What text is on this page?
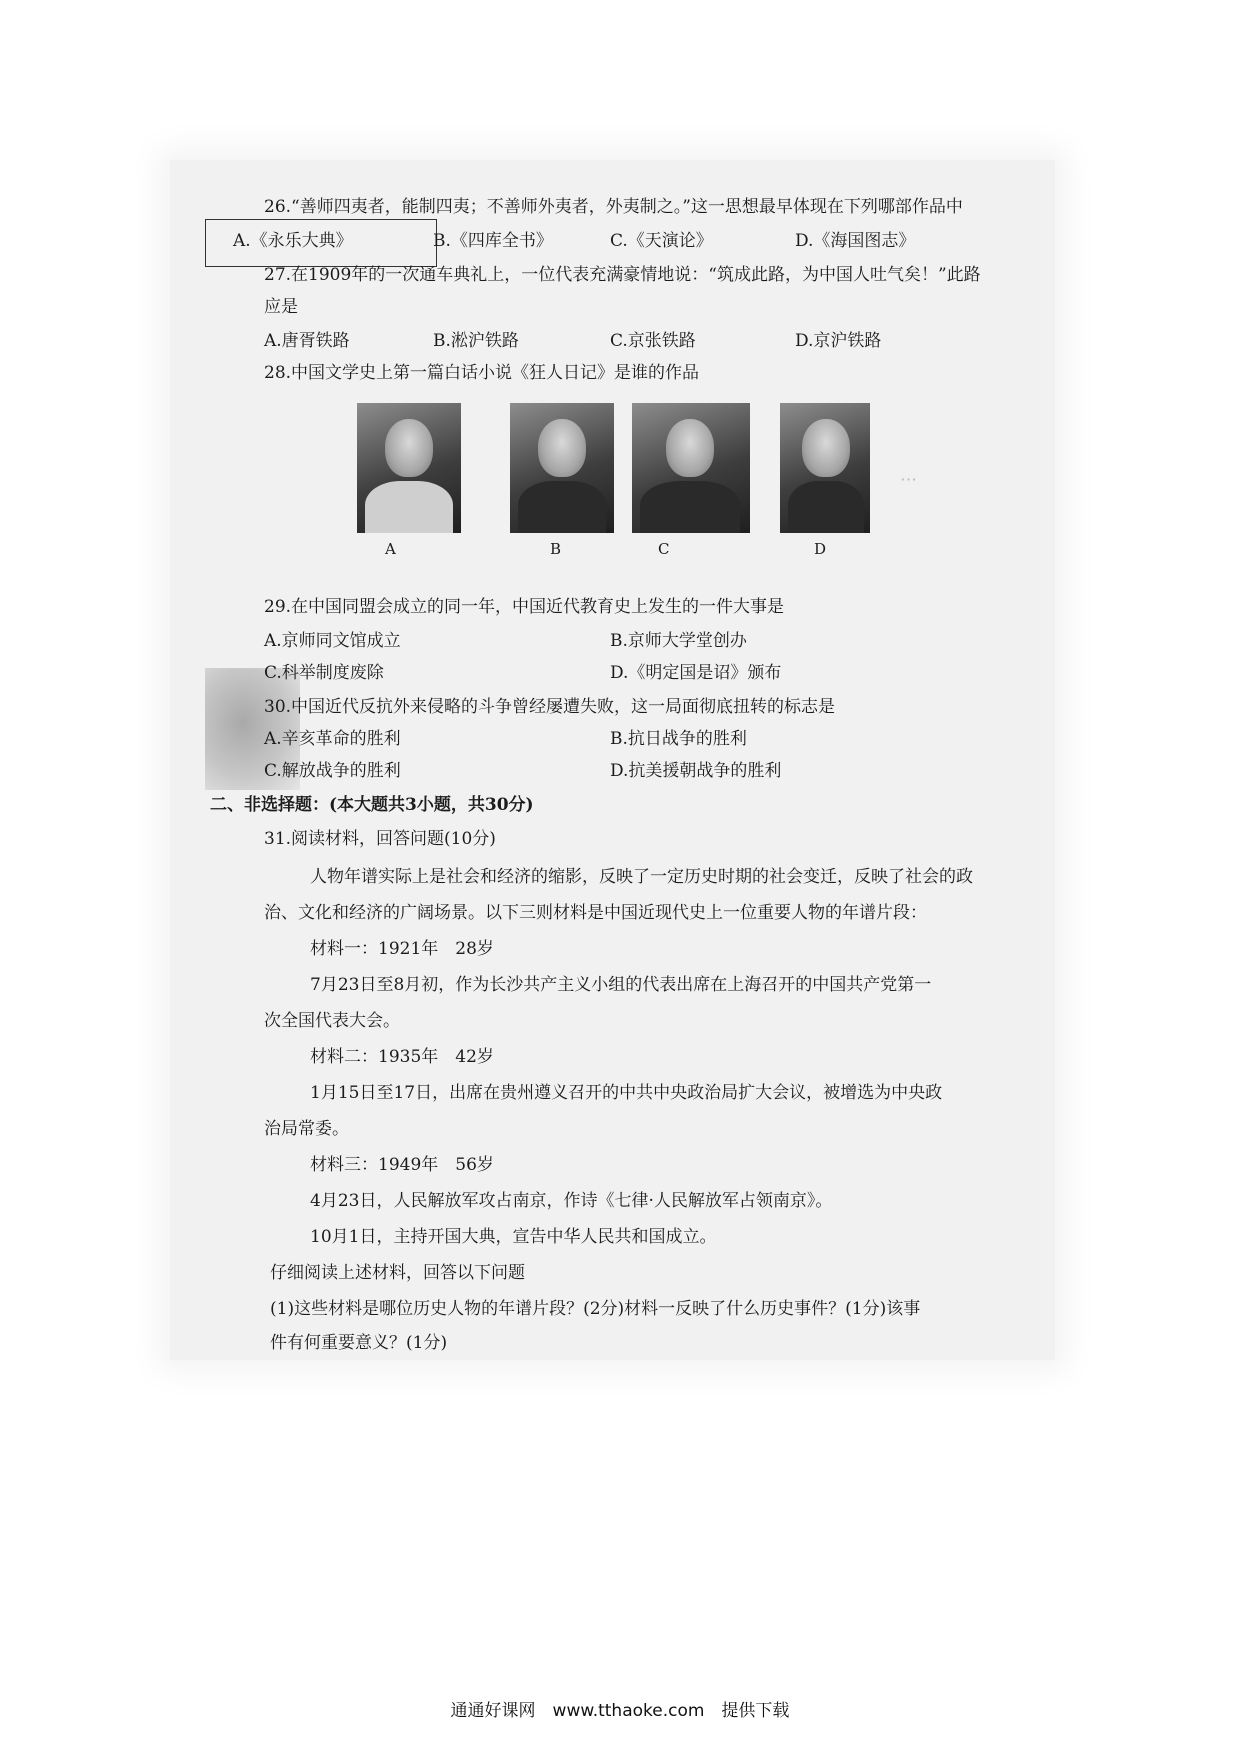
⋯
26.“善师四夷者，能制四夷；不善师外夷者，外夷制之。”这一思想最早体现在下列哪部作品中
A.《永乐大典》	B.《四库全书》	C.《天演论》	D.《海国图志》
27.在1909年的一次通车典礼上，一位代表充满豪情地说：“筑成此路，为中国人吐气矣！”此路
应是
A.唐胥铁路	B.淞沪铁路	C.京张铁路	D.京沪铁路
28.中国文学史上第一篇白话小说《狂人日记》是谁的作品
A	B	C	D
29.在中国同盟会成立的同一年，中国近代教育史上发生的一件大事是
A.京师同文馆成立	B.京师大学堂创办
C.科举制度废除	D.《明定国是诏》颁布
30.中国近代反抗外来侵略的斗争曾经屡遭失败，这一局面彻底扭转的标志是
A.辛亥革命的胜利	B.抗日战争的胜利
C.解放战争的胜利	D.抗美援朝战争的胜利
二、非选择题：(本大题共3小题，共30分)
31.阅读材料，回答问题(10分)
人物年谱实际上是社会和经济的缩影，反映了一定历史时期的社会变迁，反映了社会的政
治、文化和经济的广阔场景。以下三则材料是中国近现代史上一位重要人物的年谱片段：
材料一：1921年　28岁
7月23日至8月初，作为长沙共产主义小组的代表出席在上海召开的中国共产党第一
次全国代表大会。
材料二：1935年　42岁
1月15日至17日，出席在贵州遵义召开的中共中央政治局扩大会议，被增选为中央政
治局常委。
材料三：1949年　56岁
4月23日，人民解放军攻占南京，作诗《七律·人民解放军占领南京》。
10月1日，主持开国大典，宣告中华人民共和国成立。
仔细阅读上述材料，回答以下问题
(1)这些材料是哪位历史人物的年谱片段？(2分)材料一反映了什么历史事件？(1分)该事
件有何重要意义？(1分)
通通好课网　www.tthaoke.com　提供下载
